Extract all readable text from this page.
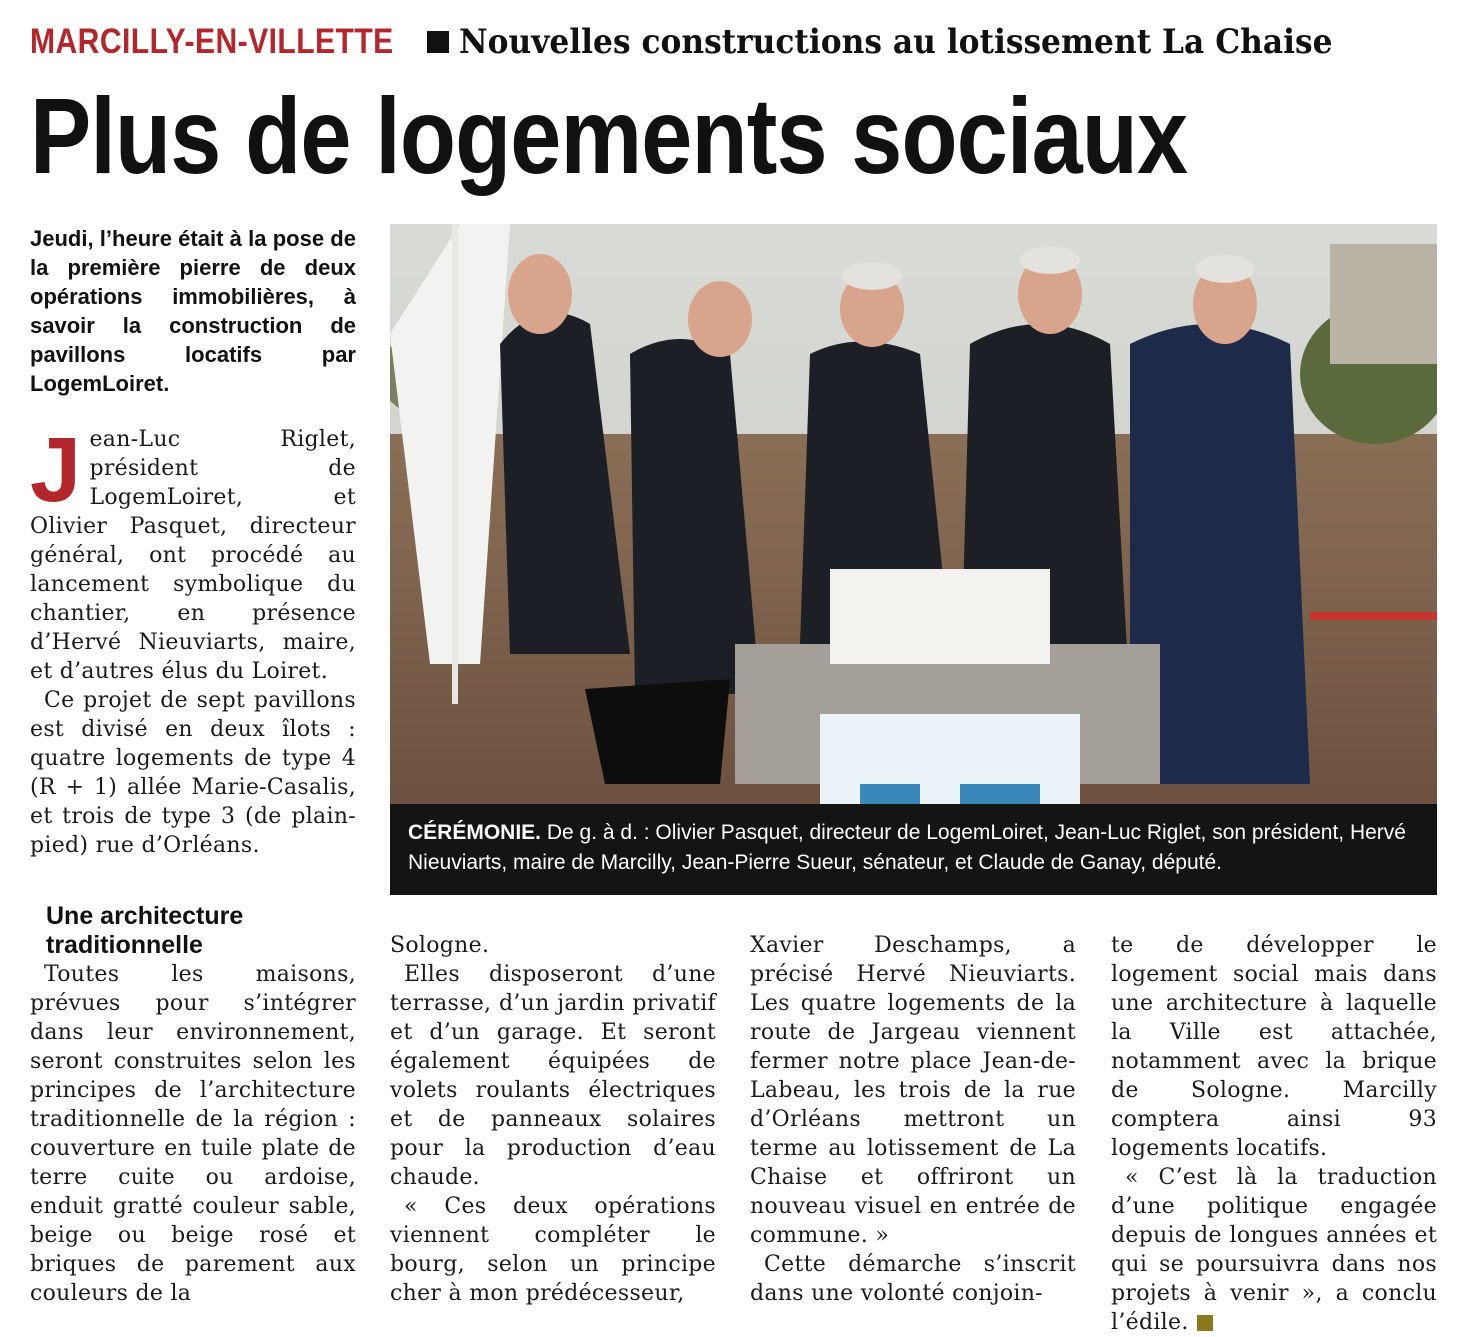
MARCILLY-EN-VILLETTE Nouvelles constructions au lotissement La Chaise
Plus de logements sociaux
Jeudi, l’heure était à la pose de la première pierre de deux opérations immobilières, à savoir la construction de pavillons locatifs par LogemLoiret.

Jean-Luc Riglet, président de LogemLoiret, et Olivier Pasquet, directeur général, ont procédé au lancement symbolique du chantier, en présence d’Hervé Nieuviarts, maire, et d’autres élus du Loiret.

Ce projet de sept pavillons est divisé en deux îlots : quatre logements de type 4 (R + 1) allée Marie-Casalis, et trois de type 3 (de plain-pied) rue d’Orléans.

Une architecture traditionnelle

Toutes les maisons, prévues pour s’intégrer dans leur environnement, seront construites selon les principes de l’architecture traditionnelle de la région : couverture en tuile plate de terre cuite ou ardoise, enduit gratté couleur sable, beige ou beige rosé et briques de parement aux couleurs de la

CÉRÉMONIE. De g. à d. : Olivier Pasquet, directeur de LogemLoiret, Jean-Luc Riglet, son président, Hervé Nieuviarts, maire de Marcilly, Jean-Pierre Sueur, sénateur, et Claude de Ganay, député.

Sologne.

Elles disposeront d’une terrasse, d’un jardin privatif et d’un garage. Et seront également équipées de volets roulants électriques et de panneaux solaires pour la production d’eau chaude.

« Ces deux opérations viennent compléter le bourg, selon un principe cher à mon prédécesseur,

Xavier Deschamps, a précisé Hervé Nieuviarts. Les quatre logements de la route de Jargeau viennent fermer notre place Jean-de-Labeau, les trois de la rue d’Orléans mettront un terme au lotissement de La Chaise et offriront un nouveau visuel en entrée de commune. »

Cette démarche s’inscrit dans une volonté conjoin-

te de développer le logement social mais dans une architecture à laquelle la Ville est attachée, notamment avec la brique de Sologne. Marcilly comptera ainsi 93 logements locatifs.

« C’est là la traduction d’une politique engagée depuis de longues années et qui se poursuivra dans nos projets à venir », a conclu l’édile.
